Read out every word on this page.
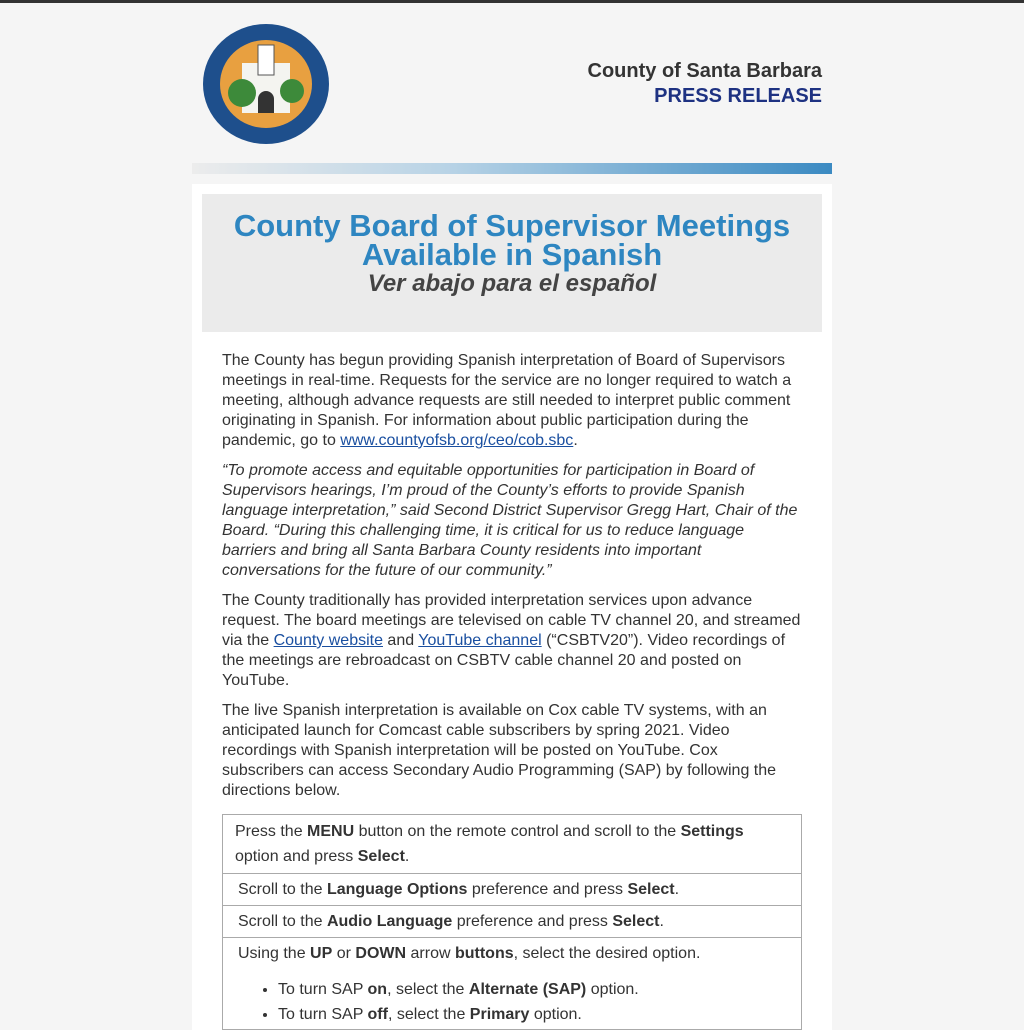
County of Santa Barbara
PRESS RELEASE
County Board of Supervisor Meetings
Available in Spanish
Ver abajo para el español

The County has begun providing Spanish interpretation of Board of Supervisors meetings in real-time. Requests for the service are no longer required to watch a meeting, although advance requests are still needed to interpret public comment originating in Spanish. For information about public participation during the pandemic, go to www.countyofsb.org/ceo/cob.sbc.

“To promote access and equitable opportunities for participation in Board of Supervisors hearings, I’m proud of the County’s efforts to provide Spanish language interpretation,” said Second District Supervisor Gregg Hart, Chair of the Board. “During this challenging time, it is critical for us to reduce language barriers and bring all Santa Barbara County residents into important conversations for the future of our community.”

The County traditionally has provided interpretation services upon advance request. The board meetings are televised on cable TV channel 20, and streamed via the County website and YouTube channel (“CSBTV20”). Video recordings of the meetings are rebroadcast on CSBTV cable channel 20 and posted on YouTube.

The live Spanish interpretation is available on Cox cable TV systems, with an anticipated launch for Comcast cable subscribers by spring 2021. Video recordings with Spanish interpretation will be posted on YouTube. Cox subscribers can access Secondary Audio Programming (SAP) by following the directions below.

Press the MENU button on the remote control and scroll to the Settings option and press Select.
Scroll to the Language Options preference and press Select.
Scroll to the Audio Language preference and press Select.

Using the UP or DOWN arrow buttons, select the desired option.
• To turn SAP on, select the Alternate (SAP) option.
• To turn SAP off, select the Primary option.
